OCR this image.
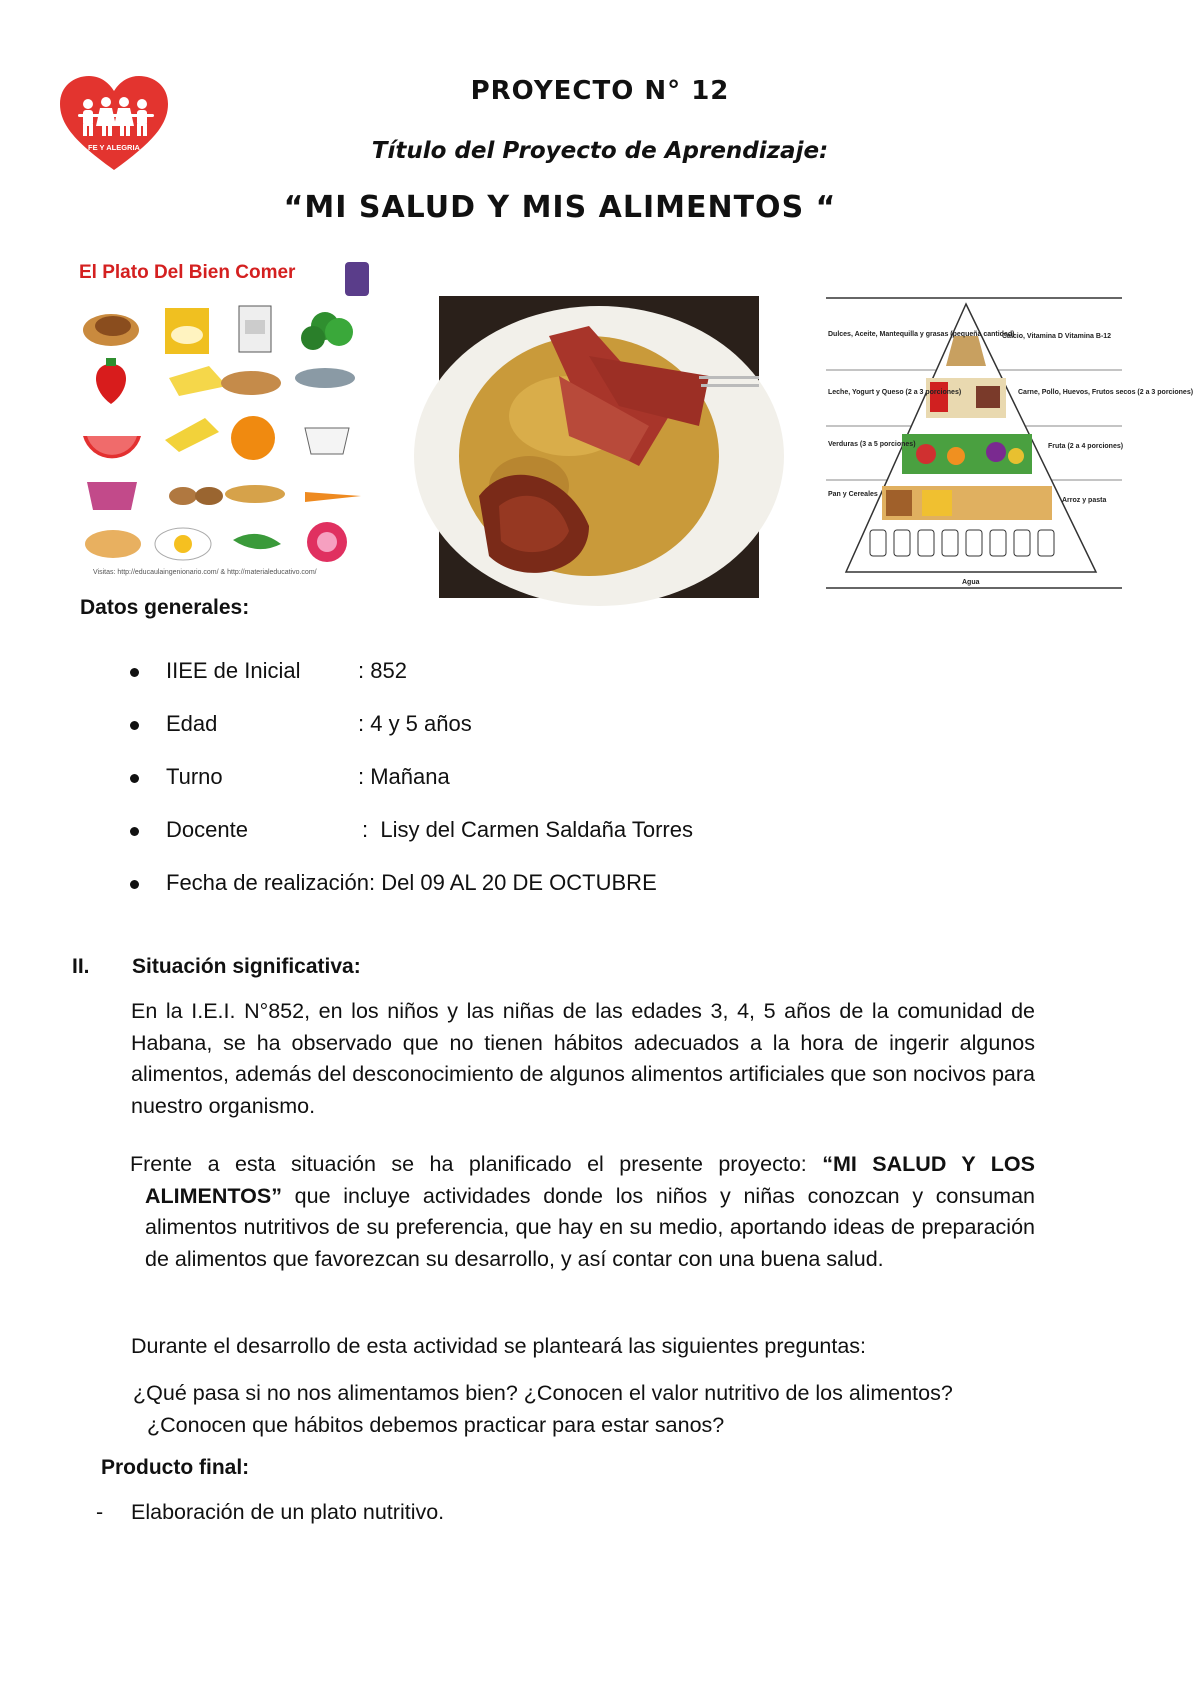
FE Y ALEGRIA
PROYECTO N° 12
Título del Proyecto de Aprendizaje:
“MI SALUD Y MIS ALIMENTOS “
El Plato Del Bien Comer
Visitas: http://educaulaingenionario.com/ & http://materialeducativo.com/
Dulces, Aceite, Mantequilla y grasas (pequeña cantidad)
Leche, Yogurt y Queso (2 a 3 porciones)
Verduras (3 a 5 porciones)
Pan y Cereales
Calcio, Vitamina D Vitamina B-12
Carne, Pollo, Huevos, Frutos secos (2 a 3 porciones)
Fruta (2 a 4 porciones)
Arroz y pasta
Agua
Datos generales:
IIEE de Inicial	: 852
Edad	: 4 y 5 años
Turno	: Mañana
Docente	:  Lisy del Carmen Saldaña Torres
Fecha de realización: Del 09 AL 20 DE OCTUBRE
II. Situación significativa:

En la I.E.I. N°852, en los niños y las niñas de las edades 3, 4, 5 años de la comunidad de Habana, se ha observado que no tienen hábitos adecuados a la hora de ingerir algunos alimentos, además del desconocimiento de algunos alimentos artificiales que son nocivos para nuestro organismo.

Frente a esta situación se ha planificado el presente proyecto: “MI SALUD Y LOS ALIMENTOS” que incluye actividades donde los niños y niñas conozcan y consuman alimentos nutritivos de su preferencia, que hay en su medio, aportando ideas de preparación de alimentos que favorezcan su desarrollo, y así contar con una buena salud.

Durante el desarrollo de esta actividad se planteará las siguientes preguntas:

¿Qué pasa si no nos alimentamos bien? ¿Conocen el valor nutritivo de los alimentos? ¿Conocen que hábitos debemos practicar para estar sanos?

Producto final:
- Elaboración de un plato nutritivo.
